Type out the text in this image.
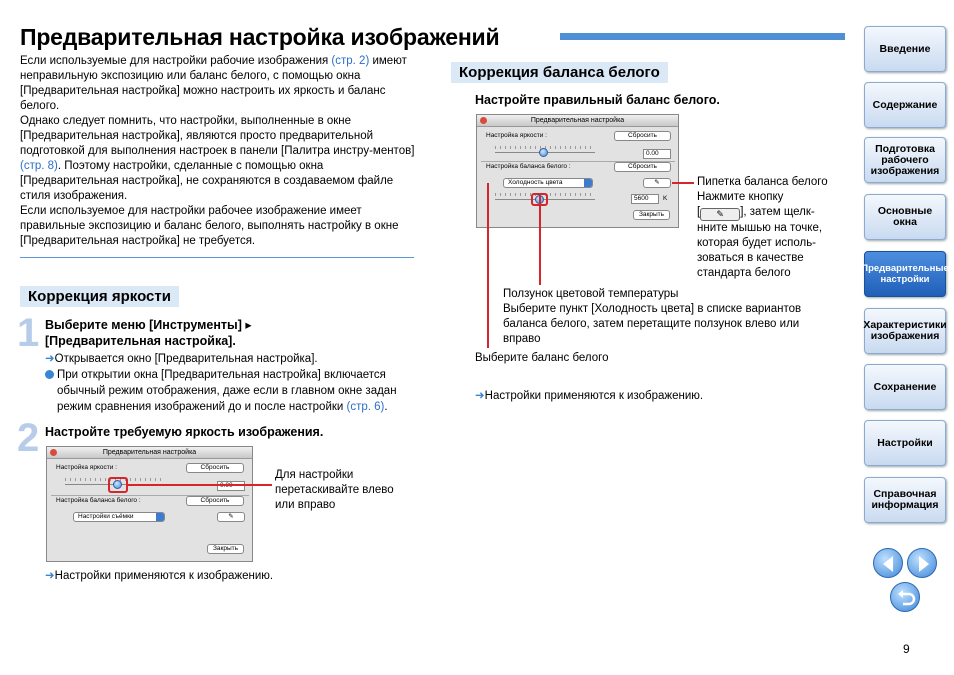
Предварительная настройка изображений

Если используемые для настройки рабочие изображения (стр. 2) имеют неправильную экспозицию или баланс белого, с помощью окна [Предварительная настройка] можно настроить их яркость и баланс белого.

Однако следует помнить, что настройки, выполненные в окне [Предварительная настройка], являются просто предварительной подготовкой для выполнения настроек в панели [Палитра инстру-ментов] (стр. 8). Поэтому настройки, сделанные с помощью окна [Предварительная настройка], не сохраняются в создаваемом файле стиля изображения.

Если используемое для настройки рабочее изображение имеет правильные экспозицию и баланс белого, выполнять настройку в окне [Предварительная настройка] не требуется.

Коррекция яркости
1 Выберите меню [Инструменты] ▸
[Предварительная настройка].
➜Открывается окно [Предварительная настройка].
При открытии окна [Предварительная настройка] включается обычный режим отображения, даже если в главном окне задан режим сравнения изображений до и после настройки (стр. 6).
2 Настройте требуемую яркость изображения.
Предварительная настройка
Настройка яркости :	Сбросить
Настройка баланса белого :	Сбросить
Настройки съёмки	✎
Закрыть
Для настройки перетаскивайте влево или вправо
➜Настройки применяются к изображению.
Коррекция баланса белого
Настройте правильный баланс белого.
Предварительная настройка
Настройка яркости :	Сбросить
0.00
Настройка баланса белого :	Сбросить
Холодность цвета	✎
5600	K
Закрыть
Пипетка баланса белого
Нажмите кнопку
[ ✎ ], затем щелк-нните мышью на точке, которая будет исполь-зоваться в качестве стандарта белого
Ползунок цветовой температуры
Выберите пункт [Холодность цвета] в списке вариантов баланса белого, затем перетащите ползунок влево или вправо
Выберите баланс белого
➜Настройки применяются к изображению.
Введение
Содержание
Подготовка рабочего изображения
Основные окна
Предварительные настройки
Характеристики изображения
Сохранение
Настройки
Справочная информация
9
